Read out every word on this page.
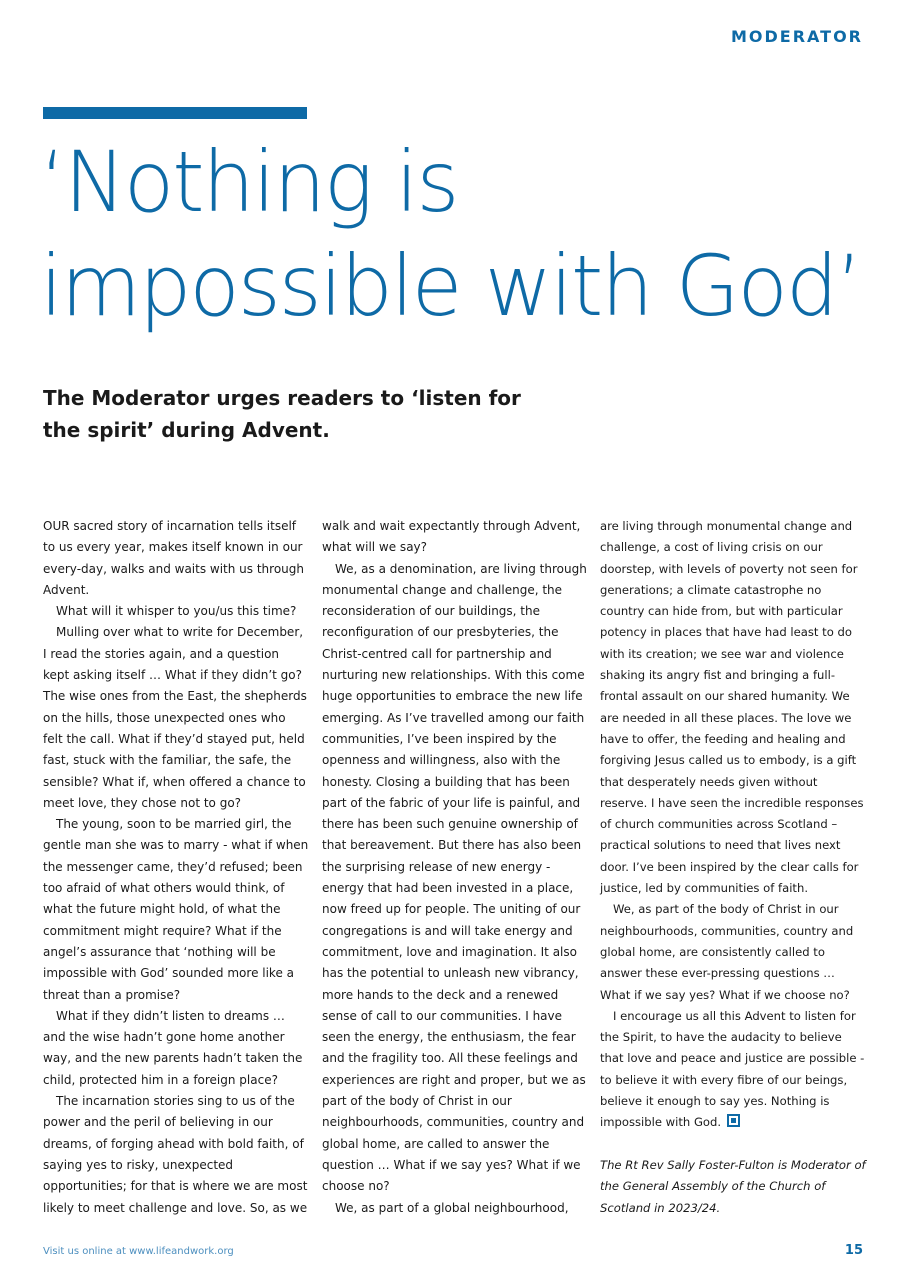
MODERATOR
‘Nothing is
impossible with God’
The Moderator urges readers to ‘listen for the spirit’ during Advent.

OUR sacred story of incarnation tells itself to us every year, makes itself known in our every-day, walks and waits with us through Advent.

What will it whisper to you/us this time?

Mulling over what to write for December, I read the stories again, and a question kept asking itself … What if they didn’t go? The wise ones from the East, the shepherds on the hills, those unexpected ones who felt the call. What if they’d stayed put, held fast, stuck with the familiar, the safe, the sensible? What if, when offered a chance to meet love, they chose not to go?

The young, soon to be married girl, the gentle man she was to marry - what if when the messenger came, they’d refused; been too afraid of what others would think, of what the future might hold, of what the commitment might require? What if the angel’s assurance that ‘nothing will be impossible with God’ sounded more like a threat than a promise?

What if they didn’t listen to dreams … and the wise hadn’t gone home another way, and the new parents hadn’t taken the child, protected him in a foreign place?

The incarnation stories sing to us of the power and the peril of believing in our dreams, of forging ahead with bold faith, of saying yes to risky, unexpected opportunities; for that is where we are most likely to meet challenge and love. So, as we

walk and wait expectantly through Advent, what will we say?

We, as a denomination, are living through monumental change and challenge, the reconsideration of our buildings, the reconfiguration of our presbyteries, the Christ-centred call for partnership and nurturing new relationships. With this come huge opportunities to embrace the new life emerging. As I’ve travelled among our faith communities, I’ve been inspired by the openness and willingness, also with the honesty. Closing a building that has been part of the fabric of your life is painful, and there has been such genuine ownership of that bereavement. But there has also been the surprising release of new energy - energy that had been invested in a place, now freed up for people. The uniting of our congregations is and will take energy and commitment, love and imagination. It also has the potential to unleash new vibrancy, more hands to the deck and a renewed sense of call to our communities. I have seen the energy, the enthusiasm, the fear and the fragility too. All these feelings and experiences are right and proper, but we as part of the body of Christ in our neighbourhoods, communities, country and global home, are called to answer the question … What if we say yes? What if we choose no?

We, as part of a global neighbourhood,

are living through monumental change and challenge, a cost of living crisis on our doorstep, with levels of poverty not seen for generations; a climate catastrophe no country can hide from, but with particular potency in places that have had least to do with its creation; we see war and violence shaking its angry fist and bringing a full-frontal assault on our shared humanity. We are needed in all these places. The love we have to offer, the feeding and healing and forgiving Jesus called us to embody, is a gift that desperately needs given without reserve. I have seen the incredible responses of church communities across Scotland – practical solutions to need that lives next door. I’ve been inspired by the clear calls for justice, led by communities of faith.

We, as part of the body of Christ in our neighbourhoods, communities, country and global home, are consistently called to answer these ever-pressing questions … What if we say yes? What if we choose no?

I encourage us all this Advent to listen for the Spirit, to have the audacity to believe that love and peace and justice are possible - to believe it with every fibre of our beings, believe it enough to say yes. Nothing is impossible with God.

The Rt Rev Sally Foster-Fulton is Moderator of the General Assembly of the Church of Scotland in 2023/24.

Visit us online at www.lifeandwork.org	15
